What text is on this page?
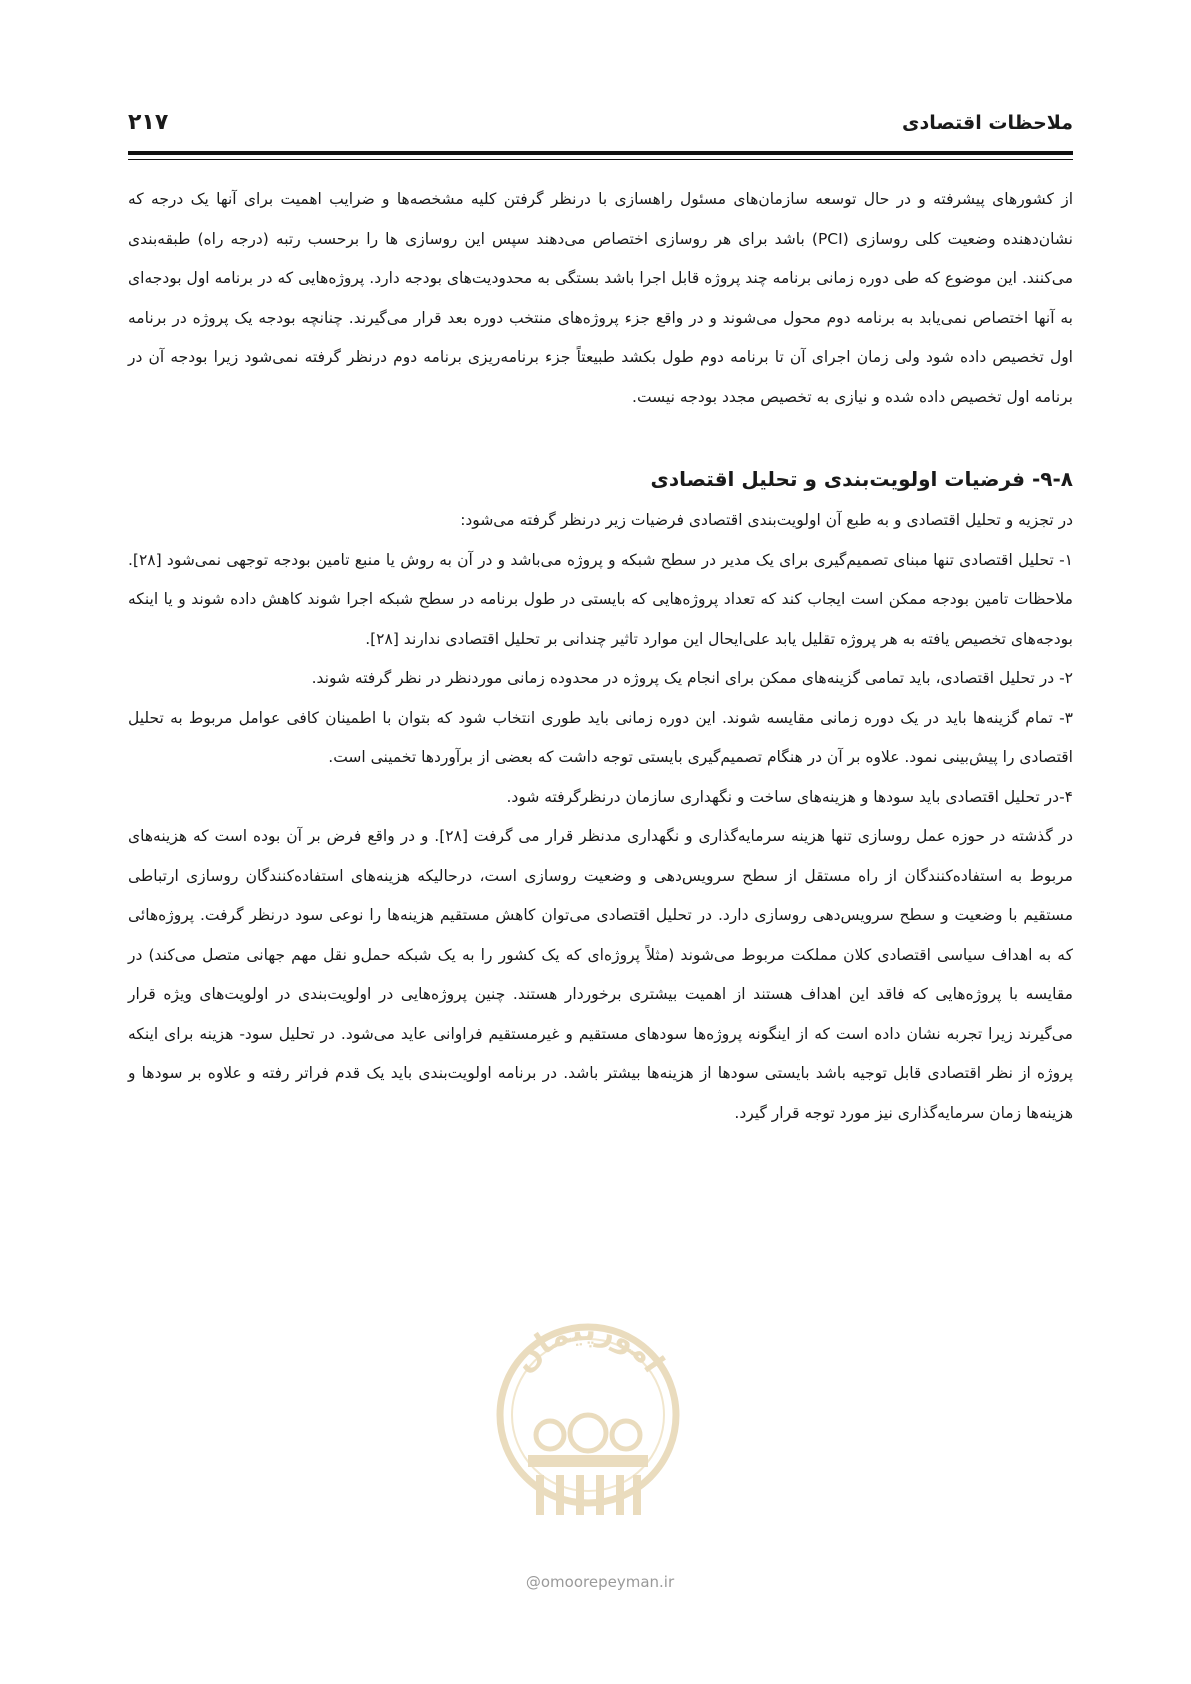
ملاحظات اقتصادی
۲۱۷

از کشورهای پیشرفته و در حال توسعه سازمان‌های مسئول راهسازی با درنظر گرفتن کلیه مشخصه‌ها و ضرایب اهمیت برای آنها یک درجه که نشان‌دهنده وضعیت کلی روسازی (PCI) باشد برای هر روسازی اختصاص می‌دهند سپس این روسازی ها را برحسب رتبه (درجه راه) طبقه‌بندی می‌کنند. این موضوع که طی دوره زمانی برنامه چند پروژه قابل اجرا باشد بستگی به محدودیت‌های بودجه دارد. پروژه‌هایی که در برنامه اول بودجه‌ای به آنها اختصاص نمی‌یابد به برنامه دوم محول می‌شوند و در واقع جزء پروژه‌های منتخب دوره بعد قرار می‌گیرند. چنانچه بودجه یک پروژه در برنامه اول تخصیص داده شود ولی زمان اجرای آن تا برنامه دوم طول بکشد طبیعتاً جزء برنامه‌ریزی برنامه دوم درنظر گرفته نمی‌شود زیرا بودجه آن در برنامه اول تخصیص داده شده و نیازی به تخصیص مجدد بودجه نیست.

۹-۸- فرضیات اولویت‌بندی و تحلیل اقتصادی

در تجزیه و تحلیل اقتصادی و به طبع آن اولویت‌بندی اقتصادی فرضیات زیر درنظر گرفته می‌شود:

۱- تحلیل اقتصادی تنها مبنای تصمیم‌گیری برای یک مدیر در سطح شبکه و پروژه می‌باشد و در آن به روش یا منبع تامین بودجه توجهی نمی‌شود [۲۸]. ملاحظات تامین بودجه ممکن است ایجاب کند که تعداد پروژه‌هایی که بایستی در طول برنامه در سطح شبکه اجرا شوند کاهش داده شوند و یا اینکه بودجه‌های تخصیص یافته به هر پروژه تقلیل یابد علی‌ایحال این موارد تاثیر چندانی بر تحلیل اقتصادی ندارند [۲۸].

۲- در تحلیل اقتصادی، باید تمامی گزینه‌های ممکن برای انجام یک پروژه در محدوده زمانی موردنظر در نظر گرفته شوند.

۳- تمام گزینه‌ها باید در یک دوره زمانی مقایسه شوند. این دوره زمانی باید طوری انتخاب شود که بتوان با اطمینان کافی عوامل مربوط به تحلیل اقتصادی را پیش‌بینی نمود. علاوه بر آن در هنگام تصمیم‌گیری بایستی توجه داشت که بعضی از برآوردها تخمینی است.

۴-در تحلیل اقتصادی باید سودها و هزینه‌های ساخت و نگهداری سازمان درنظرگرفته شود.

در گذشته در حوزه عمل روسازی تنها هزینه سرمایه‌گذاری و نگهداری مدنظر قرار می گرفت [۲۸]. و در واقع فرض بر آن بوده است که هزینه‌های مربوط به استفاده‌کنندگان از راه مستقل از سطح سرویس‌دهی و وضعیت روسازی است، درحالیکه هزینه‌های استفاده‌کنندگان روسازی ارتباطی مستقیم با وضعیت و سطح سرویس‌دهی روسازی دارد. در تحلیل اقتصادی می‌توان کاهش مستقیم هزینه‌ها را نوعی سود درنظر گرفت. پروژه‌هائی که به اهداف سیاسی اقتصادی کلان مملکت مربوط می‌شوند (مثلاً پروژه‌ای که یک کشور را به یک شبکه حمل‌و نقل مهم جهانی متصل می‌کند) در مقایسه با پروژه‌هایی که فاقد این اهداف هستند از اهمیت بیشتری برخوردار هستند. چنین پروژه‌هایی در اولویت‌بندی در اولویت‌های ویژه قرار می‌گیرند زیرا تجربه نشان داده است که از اینگونه پروژه‌ها سودهای مستقیم و غیرمستقیم فراوانی عاید می‌شود. در تحلیل سود- هزینه برای اینکه پروژه از نظر اقتصادی قابل توجیه باشد بایستی سودها از هزینه‌ها بیشتر باشد. در برنامه اولویت‌بندی باید یک قدم فراتر رفته و علاوه بر سودها و هزینه‌ها زمان سرمایه‌گذاری نیز مورد توجه قرار گیرد.

امورپیمان
@omoorepeyman.ir
